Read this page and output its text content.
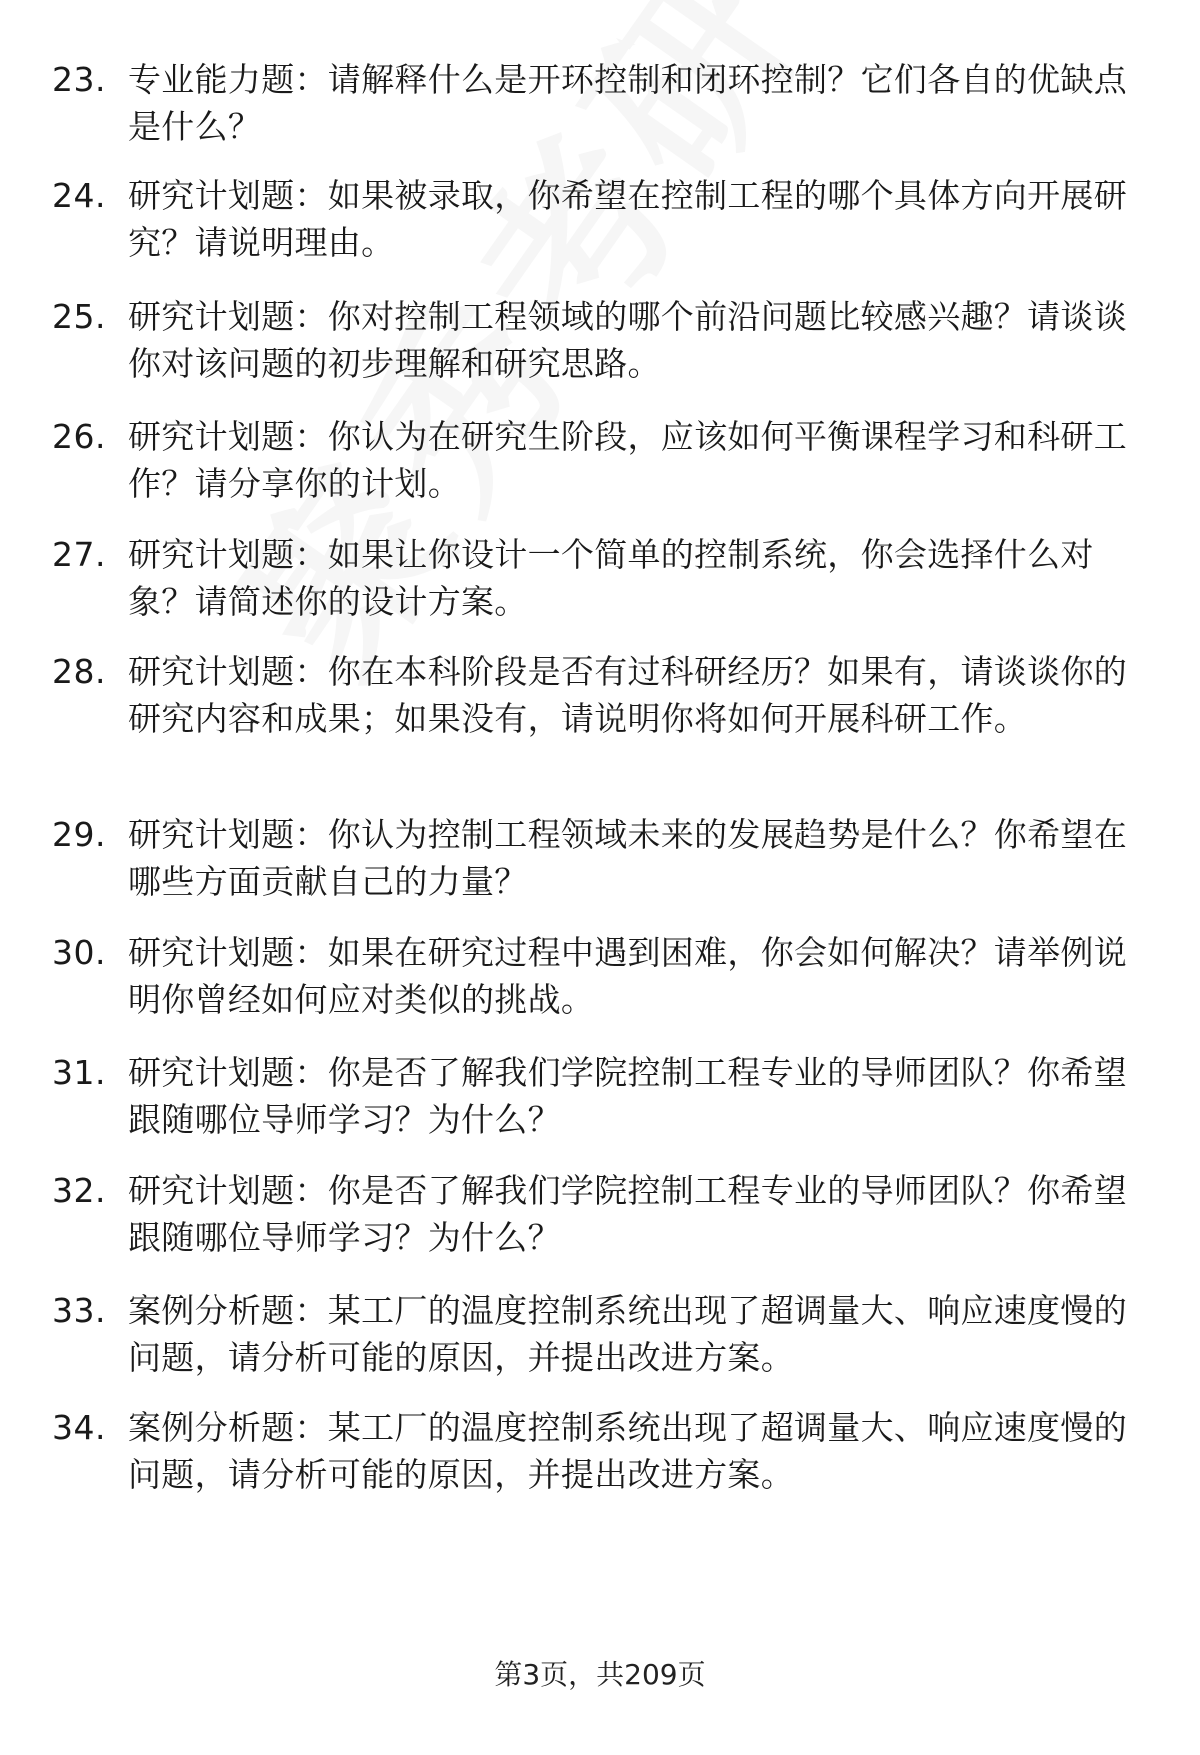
23. 专业能力题：请解释什么是开环控制和闭环控制？它们各自的优缺点是什么？
24. 研究计划题：如果被录取，你希望在控制工程的哪个具体方向开展研究？请说明理由。
25. 研究计划题：你对控制工程领域的哪个前沿问题比较感兴趣？请谈谈你对该问题的初步理解和研究思路。
26. 研究计划题：你认为在研究生阶段，应该如何平衡课程学习和科研工作？请分享你的计划。
27. 研究计划题：如果让你设计一个简单的控制系统，你会选择什么对象？请简述你的设计方案。
28. 研究计划题：你在本科阶段是否有过科研经历？如果有，请谈谈你的研究内容和成果；如果没有，请说明你将如何开展科研工作。
29. 研究计划题：你认为控制工程领域未来的发展趋势是什么？你希望在哪些方面贡献自己的力量？
30. 研究计划题：如果在研究过程中遇到困难，你会如何解决？请举例说明你曾经如何应对类似的挑战。
31. 研究计划题：你是否了解我们学院控制工程专业的导师团队？你希望跟随哪位导师学习？为什么？
32. 研究计划题：你是否了解我们学院控制工程专业的导师团队？你希望跟随哪位导师学习？为什么？
33. 案例分析题：某工厂的温度控制系统出现了超调量大、响应速度慢的问题，请分析可能的原因，并提出改进方案。
34. 案例分析题：某工厂的温度控制系统出现了超调量大、响应速度慢的问题，请分析可能的原因，并提出改进方案。
第3页，共209页
